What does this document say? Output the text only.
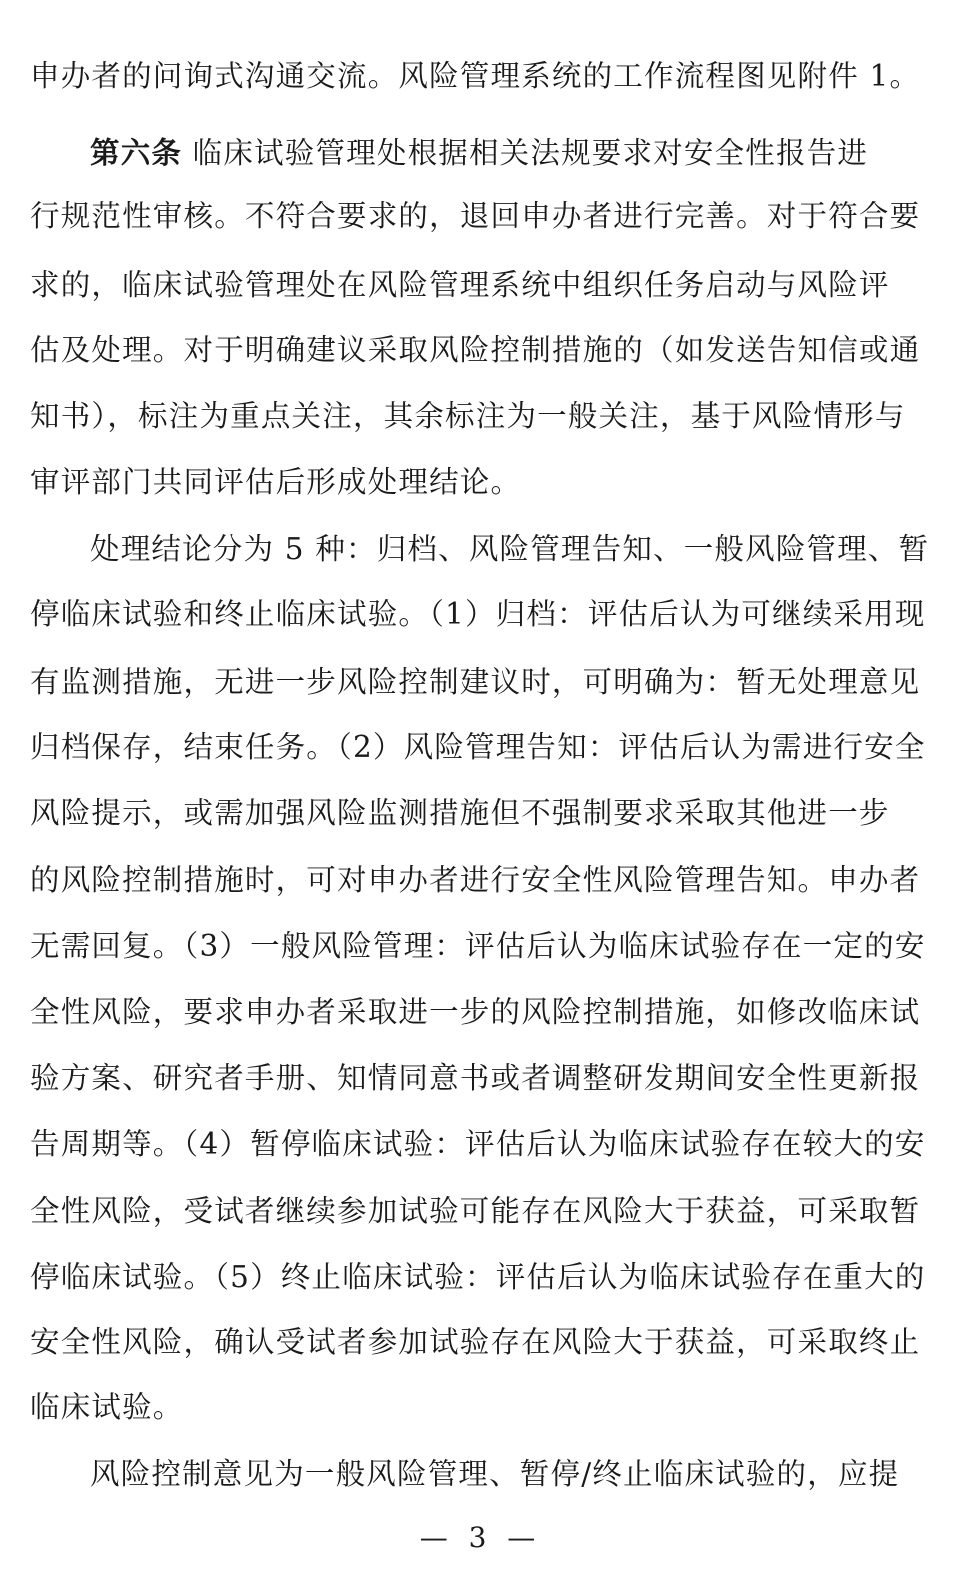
申办者的问询式沟通交流。风险管理系统的工作流程图见附件 1。
第六条 临床试验管理处根据相关法规要求对安全性报告进
行规范性审核。不符合要求的，退回申办者进行完善。对于符合要
求的，临床试验管理处在风险管理系统中组织任务启动与风险评
估及处理。对于明确建议采取风险控制措施的（如发送告知信或通
知书），标注为重点关注，其余标注为一般关注，基于风险情形与
审评部门共同评估后形成处理结论。
处理结论分为 5 种：归档、风险管理告知、一般风险管理、暂
停临床试验和终止临床试验。（1）归档：评估后认为可继续采用现
有监测措施，无进一步风险控制建议时，可明确为：暂无处理意见
归档保存，结束任务。（2）风险管理告知：评估后认为需进行安全
风险提示，或需加强风险监测措施但不强制要求采取其他进一步
的风险控制措施时，可对申办者进行安全性风险管理告知。申办者
无需回复。（3）一般风险管理：评估后认为临床试验存在一定的安
全性风险，要求申办者采取进一步的风险控制措施，如修改临床试
验方案、研究者手册、知情同意书或者调整研发期间安全性更新报
告周期等。（4）暂停临床试验：评估后认为临床试验存在较大的安
全性风险，受试者继续参加试验可能存在风险大于获益，可采取暂
停临床试验。（5）终止临床试验：评估后认为临床试验存在重大的
安全性风险，确认受试者参加试验存在风险大于获益，可采取终止
临床试验。
风险控制意见为一般风险管理、暂停/终止临床试验的，应提
— 3 —
